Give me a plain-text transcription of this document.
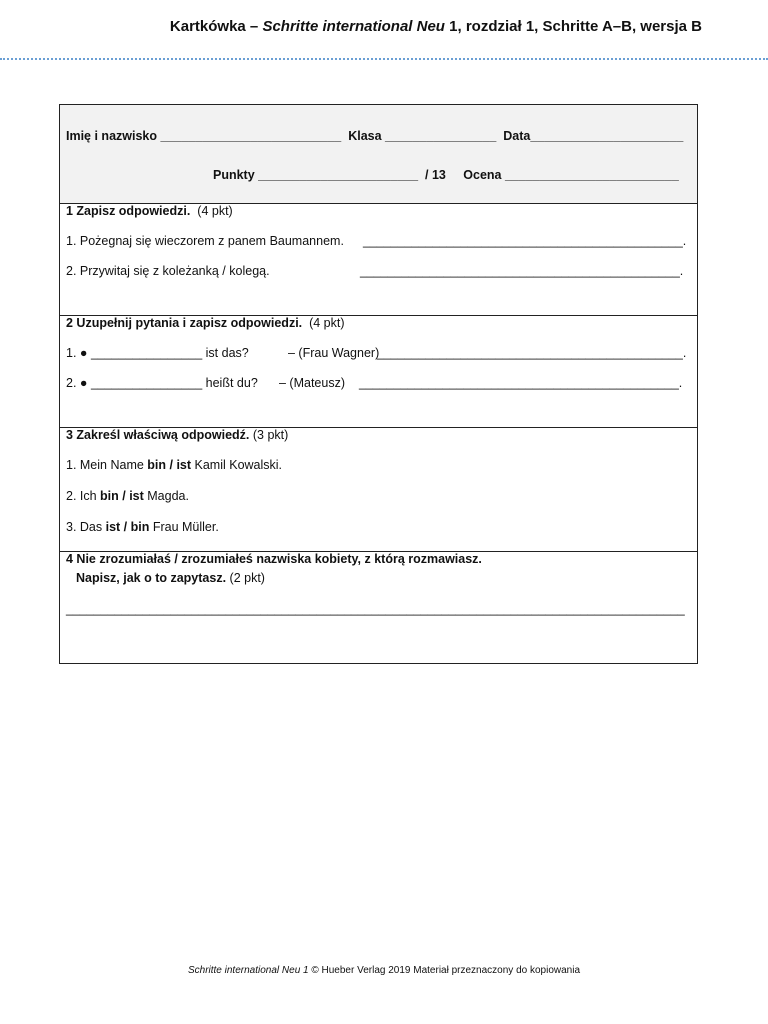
Kartkówka – Schritte international Neu 1, rozdział 1, Schritte A–B, wersja B
Imię i nazwisko __________________________ Klasa ________________ Data______________________
Punkty _______________________ / 13 Ocena _________________________
1 Zapisz odpowiedzi. (4 pkt)
1. Pożegnaj się wieczorem z panem Baumannem. ______________________________________________.
2. Przywitaj się z koleżanką / kolegą.	______________________________________________.
2 Uzupełnij pytania i zapisz odpowiedzi. (4 pkt)
1. ● ________________ ist das?	– (Frau Wagner)
____________________________________________.
2. ● ________________ heißt du? – (Mateusz) ______________________________________________.
3 Zakreśl właściwą odpowiedź. (3 pkt)
1. Mein Name bin / ist Kamil Kowalski.
2. Ich bin / ist Magda.
3. Das ist / bin Frau Müller.
4 Nie zrozumiałaś / zrozumiałeś nazwiska kobiety, z którą rozmawiasz.
Napisz, jak o to zapytasz. (2 pkt)
_________________________________________________________________________________________
Schritte international Neu 1 © Hueber Verlag 2019 Materiał przeznaczony do kopiowania
